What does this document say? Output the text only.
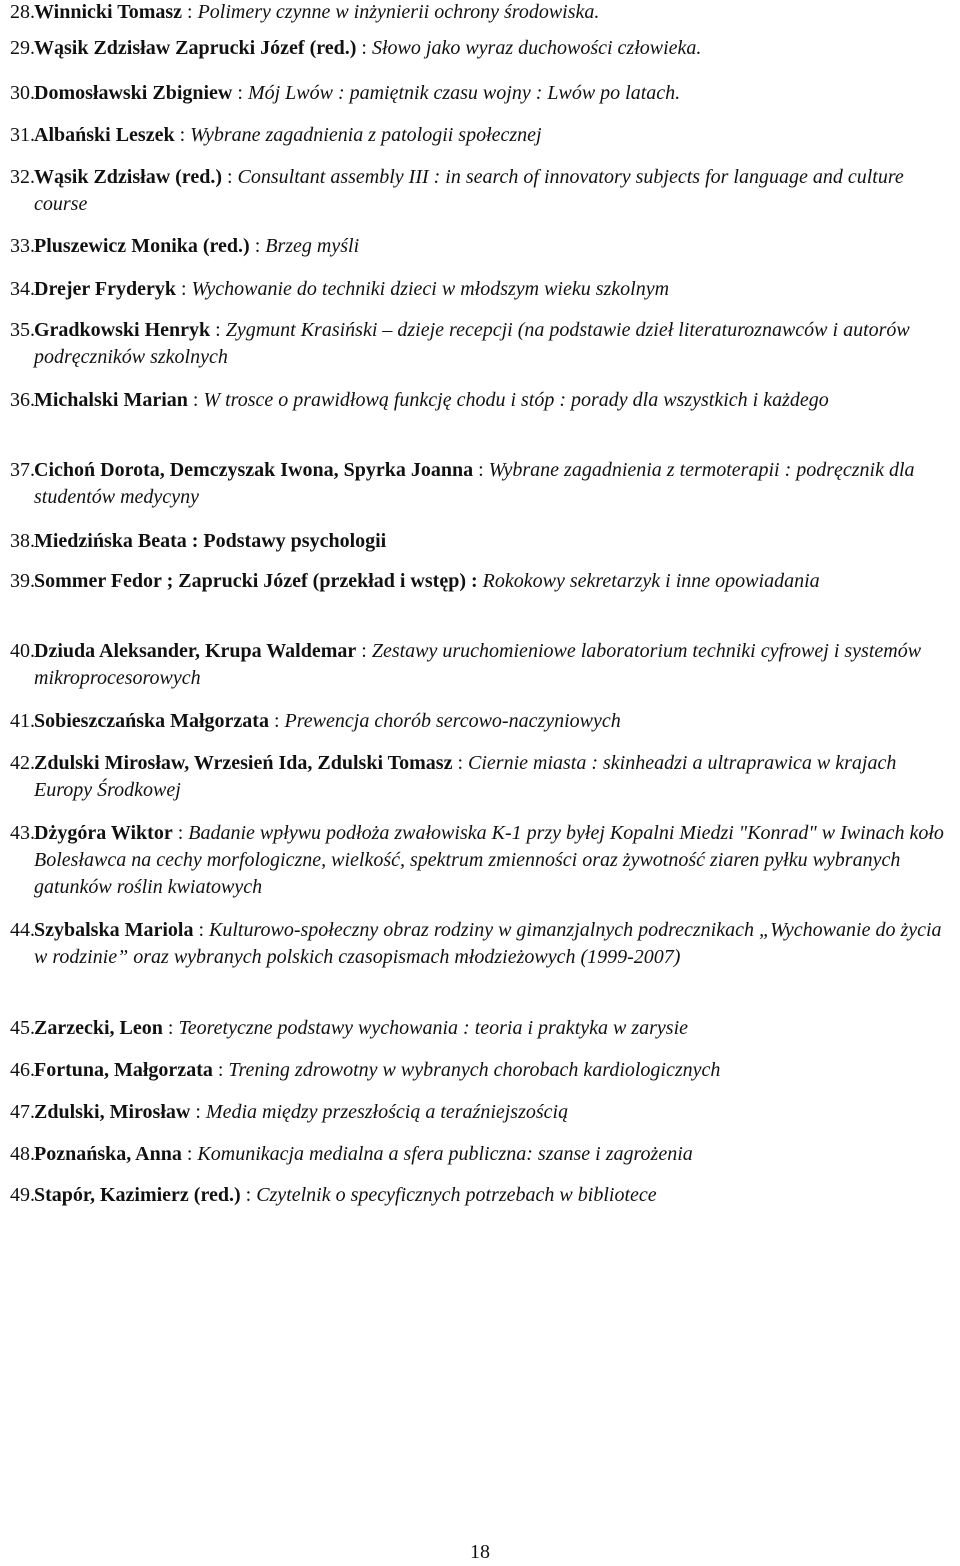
28. Winnicki Tomasz : Polimery czynne w inżynierii ochrony środowiska.
29. Wąsik Zdzisław Zaprucki Józef (red.) : Słowo jako wyraz duchowości człowieka.
30. Domosławski Zbigniew : Mój Lwów : pamiętnik czasu wojny : Lwów po latach.
31. Albański Leszek : Wybrane zagadnienia z patologii społecznej
32. Wąsik Zdzisław (red.) : Consultant assembly III : in search of innovatory subjects for language and culture course
33. Pluszewicz Monika (red.) : Brzeg myśli
34. Drejer Fryderyk : Wychowanie do techniki dzieci w młodszym wieku szkolnym
35. Gradkowski Henryk : Zygmunt Krasiński – dzieje recepcji (na podstawie dzieł literaturoznawców i autorów podręczników szkolnych
36. Michalski Marian : W trosce o prawidłową funkcję chodu i stóp : porady dla wszystkich i każdego
37. Cichoń Dorota, Demczyszak Iwona, Spyrka Joanna : Wybrane zagadnienia z termoterapii : podręcznik dla studentów medycyny
38. Miedzińska Beata : Podstawy psychologii
39. Sommer Fedor ; Zaprucki Józef (przekład i wstęp) : Rokokowy sekretarzyk i inne opowiadania
40. Dziuda Aleksander, Krupa Waldemar : Zestawy uruchomieniowe laboratorium techniki cyfrowej i systemów mikroprocesorowych
41. Sobieszczańska Małgorzata : Prewencja chorób sercowo-naczyniowych
42. Zdulski Mirosław, Wrzesień Ida, Zdulski Tomasz : Ciernie miasta : skinheadzi a ultraprawica w krajach Europy Środkowej
43. Dżygóra Wiktor : Badanie wpływu podłoża zwałowiska K-1 przy byłej Kopalni Miedzi "Konrad" w Iwinach koło Bolesławca na cechy morfologiczne, wielkość, spektrum zmienności oraz żywotność ziaren pyłku wybranych gatunków roślin kwiatowych
44. Szybalska Mariola : Kulturowo-społeczny obraz rodziny w gimanzjalnych podrecznikach „Wychowanie do życia w rodzinie” oraz wybranych polskich czasopismach młodzieżowych (1999-2007)
45. Zarzecki, Leon : Teoretyczne podstawy wychowania : teoria i praktyka w zarysie
46. Fortuna, Małgorzata : Trening zdrowotny w wybranych chorobach kardiologicznych
47. Zdulski, Mirosław : Media między przeszłością a teraźniejszością
48. Poznańska, Anna : Komunikacja medialna a sfera publiczna: szanse i zagrożenia
49. Stapór, Kazimierz (red.) : Czytelnik o specyficznych potrzebach w bibliotece
18
